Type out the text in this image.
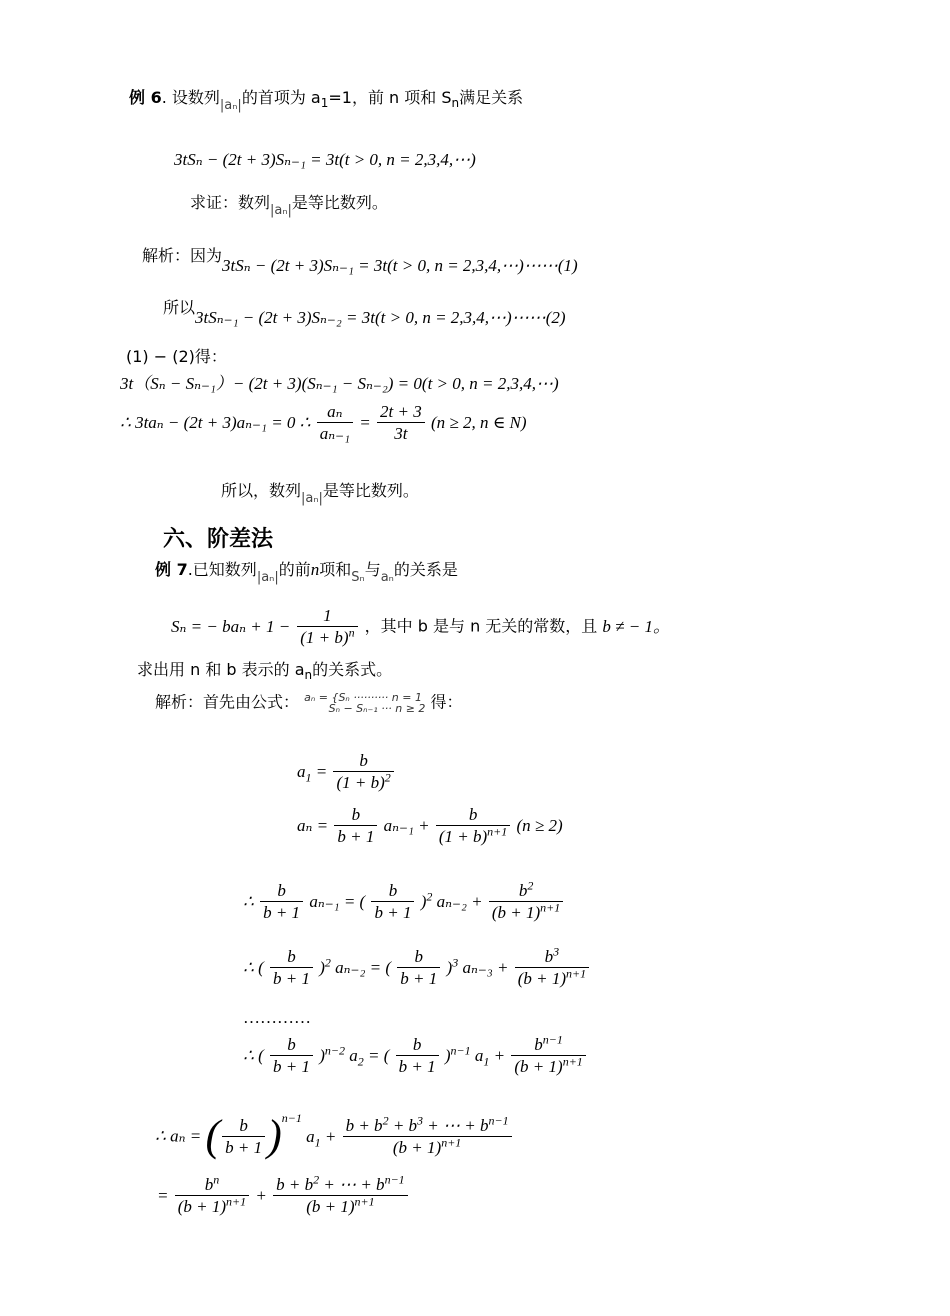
例 6. 设数列|aₙ|的首项为 $a_1=1$，前 n 项和 $S_n$满足关系
3tSₙ − (2t + 3)Sₙ₋₁ = 3t(t > 0, n = 2,3,4,⋯)
求证：数列|aₙ|是等比数列。
解析：因为3tSₙ − (2t + 3)Sₙ₋₁ = 3t(t > 0, n = 2,3,4,⋯)⋯⋯(1)
所以3tSₙ₋₁ − (2t + 3)Sₙ₋₂ = 3t(t > 0, n = 2,3,4,⋯)⋯⋯(2)
(1) − (2)得：
3t（Sₙ − Sₙ₋₁）− (2t + 3)(Sₙ₋₁ − Sₙ₋₂) = 0(t > 0, n = 2,3,4,⋯)
∴ 3taₙ − (2t + 3)aₙ₋₁ = 0 ∴ $\frac{\text{aₙ}}{\text{aₙ₋₁}} = \frac{2t + 3}{3t} (n \ge 2$, n ∈ N)
所以，数列|aₙ|是等比数列。
六、阶差法
例 7.已知数列|aₙ|的前n项和Sₙ与aₙ的关系是
Sₙ = − $ba_n + 1 - \frac{1}{(1 + b)^n}$ ，其中 b 是与 n 无关的常数，且 b ≠ − 1。
求出用 n 和 b 表示的 $a_n$的关系式。
解析：首先由公式： aₙ = {Sₙ ·········· n = 1
Sₙ − Sₙ₋₁ ··· n ≥ 2 得：
$a_1 = \frac{b}{(1 + b)^2}$
$a_n = \frac{b}{b + 1} a_{n-1} + \frac{b}{(1 + b)^{n+1}} (n \ge 2)$
∴ $\frac{b}{b + 1} a_{n-1}$ = ( $\frac{b}{b + 1} )^2$ $a_{n-2} + \frac{b^2}{(b + 1)^{n+1}}$
∴ ( $\frac{b}{b + 1} )^2$ aₙ₋₂ = ( $\frac{b}{b + 1} )^3$ $a_{n-3} + \frac{b^3}{(b + 1)^{n+1}}$
…………
∴ ( $\frac{b}{b + 1} )^{n-2}$ $a_2$ = ( $\frac{b}{b + 1} )^{n-1}$ $a_1 + \frac{b^{n-1}}{(b + 1)^{n+1}}$
∴ aₙ = ( $\frac{b}{b + 1} )^{n-1}$ $a_1 + \frac{b + b^2 + b^3 + \cdots + b^{n-1}}{(b + 1)^{n+1}}$
= $\frac{b^n}{(b + 1)^{n+1}} + \frac{b + b^2 + \cdots + b^{n-1}}{(b + 1)^{n+1}}$
